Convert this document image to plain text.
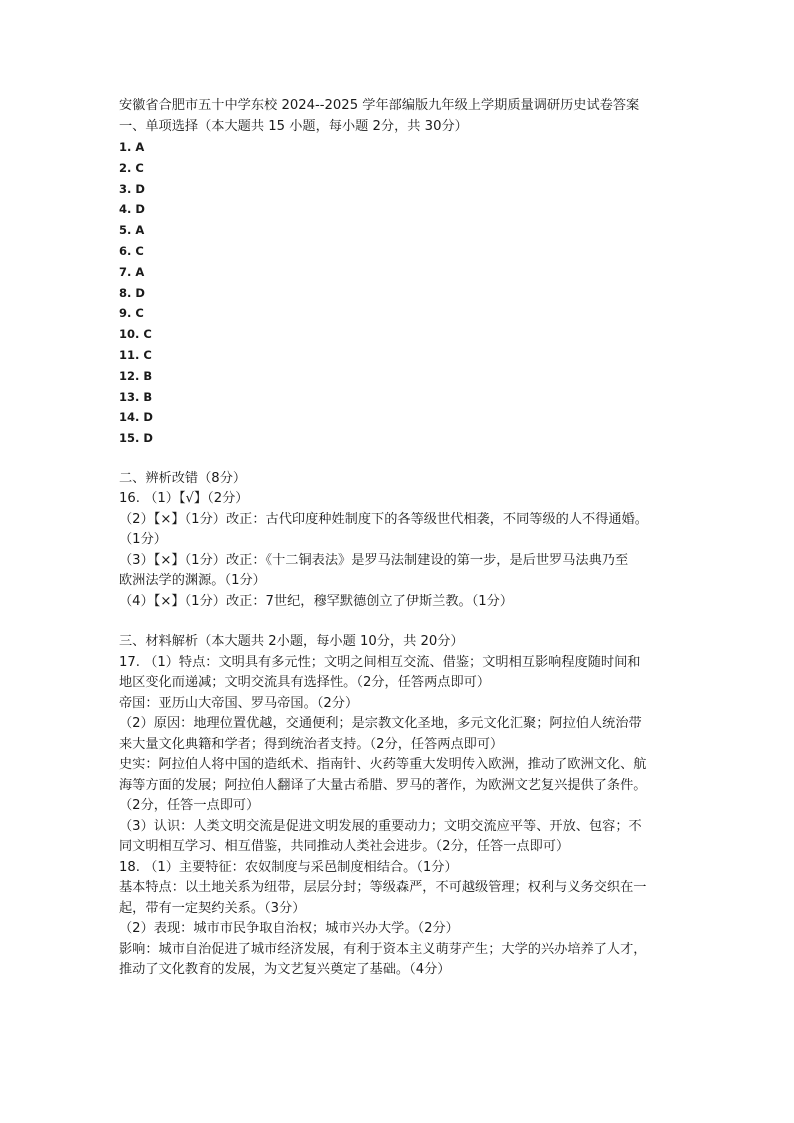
安徽省合肥市五十中学东校 2024--2025 学年部编版九年级上学期质量调研历史试卷答案
一、单项选择（本大题共 15 小题，每小题 2分，共 30分）
1. A
2. C
3. D
4. D
5. A
6. C
7. A
8. D
9. C
10. C
11. C
12. B
13. B
14. D
15. D
二、辨析改错（8分）
16. （1）【√】（2分）
（2）【×】（1分）改正：古代印度种姓制度下的各等级世代相袭，不同等级的人不得通婚。
（1分）
（3）【×】（1分）改正：《十二铜表法》是罗马法制建设的第一步，是后世罗马法典乃至
欧洲法学的渊源。（1分）
（4）【×】（1分）改正：7世纪，穆罕默德创立了伊斯兰教。（1分）
三、材料解析（本大题共 2小题，每小题 10分，共 20分）
17. （1）特点：文明具有多元性；文明之间相互交流、借鉴；文明相互影响程度随时间和
地区变化而递减；文明交流具有选择性。（2分，任答两点即可）
帝国：亚历山大帝国、罗马帝国。（2分）
（2）原因：地理位置优越，交通便利；是宗教文化圣地，多元文化汇聚；阿拉伯人统治带
来大量文化典籍和学者；得到统治者支持。（2分，任答两点即可）
史实：阿拉伯人将中国的造纸术、指南针、火药等重大发明传入欧洲，推动了欧洲文化、航
海等方面的发展；阿拉伯人翻译了大量古希腊、罗马的著作，为欧洲文艺复兴提供了条件。
（2分，任答一点即可）
（3）认识：人类文明交流是促进文明发展的重要动力；文明交流应平等、开放、包容；不
同文明相互学习、相互借鉴，共同推动人类社会进步。（2分，任答一点即可）
18. （1）主要特征：农奴制度与采邑制度相结合。（1分）
基本特点：以土地关系为纽带，层层分封；等级森严，不可越级管理；权利与义务交织在一
起，带有一定契约关系。（3分）
（2）表现：城市市民争取自治权；城市兴办大学。（2分）
影响：城市自治促进了城市经济发展，有利于资本主义萌芽产生；大学的兴办培养了人才，
推动了文化教育的发展，为文艺复兴奠定了基础。（4分）
